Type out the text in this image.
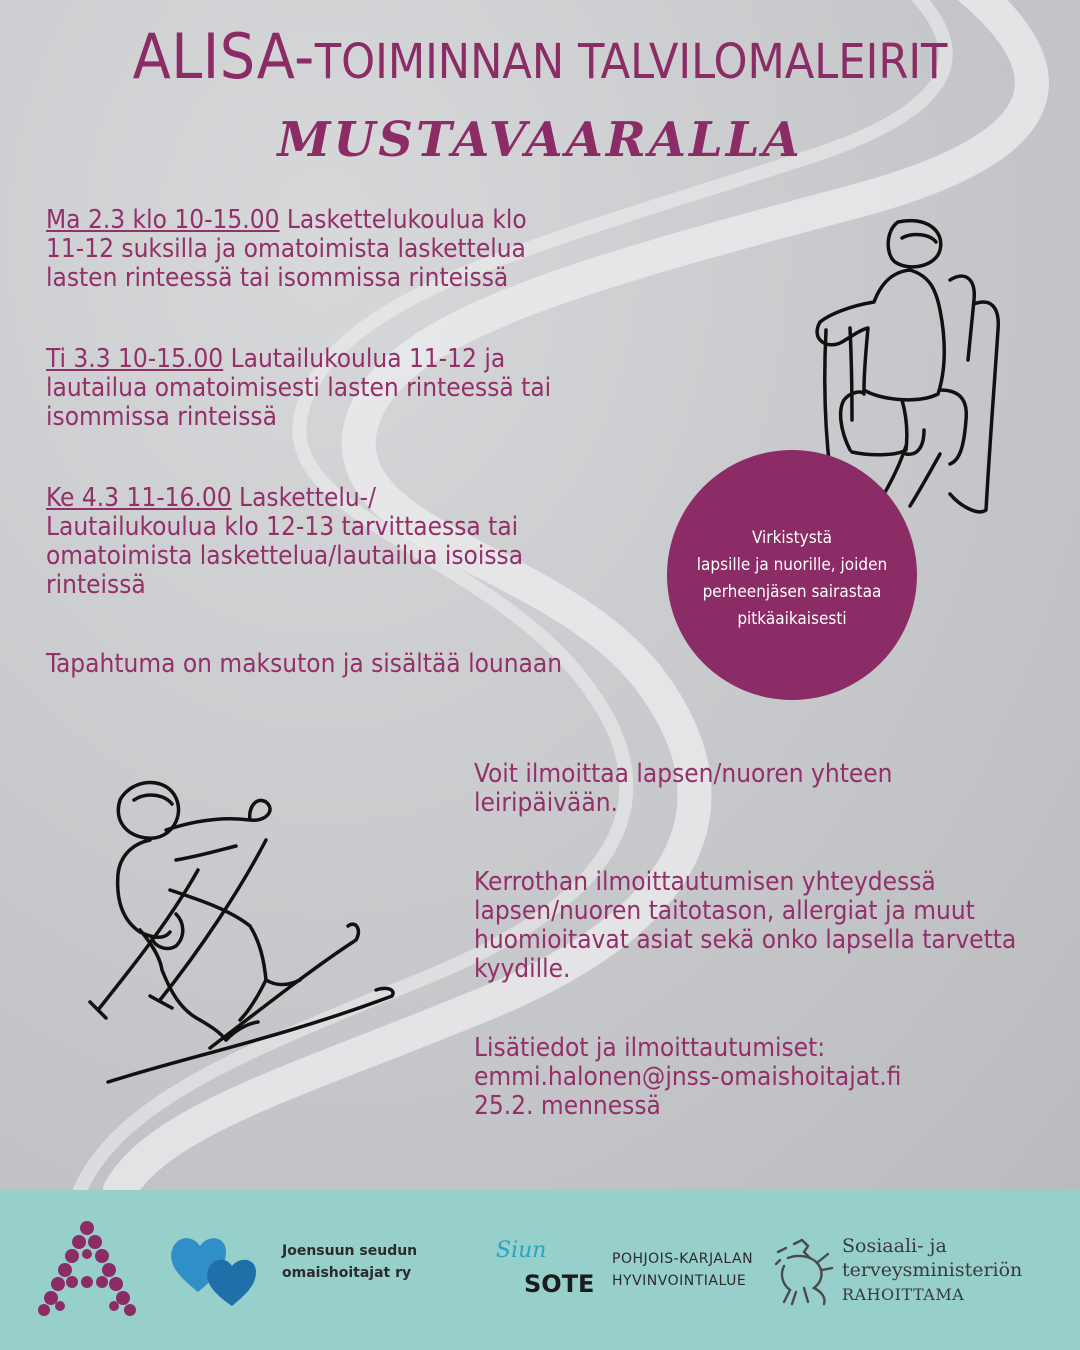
ALISA-TOIMINNAN TALVILOMALEIRIT
MUSTAVAARALLA
Ma 2.3 klo 10-15.00 Laskettelukoulua klo
11-12 suksilla ja omatoimista laskettelua
lasten rinteessä tai isommissa rinteissä
Ti 3.3 10-15.00 Lautailukoulua 11-12 ja
lautailua omatoimisesti lasten rinteessä tai
isommissa rinteissä
Ke 4.3 11-16.00 Laskettelu-/
Lautailukoulua klo 12-13 tarvittaessa tai
omatoimista laskettelua/lautailua isoissa
rinteissä
Tapahtuma on maksuton ja sisältää lounaan
Virkistystä
lapsille ja nuorille, joiden
perheenjäsen sairastaa
pitkäaikaisesti
Voit ilmoittaa lapsen/nuoren yhteen
leiripäivään.
Kerrothan ilmoittautumisen yhteydessä
lapsen/nuoren taitotason, allergiat ja muut
huomioitavat asiat sekä onko lapsella tarvetta
kyydille.
Lisätiedot ja ilmoittautumiset:
emmi.halonen@jnss-omaishoitajat.fi
25.2. mennessä
Joensuun seudun
omaishoitajat ry
Siun
SOTE
POHJOIS-KARJALAN
HYVINVOINTIALUE
Sosiaali- ja
terveysministeriön
RAHOITTAMA
